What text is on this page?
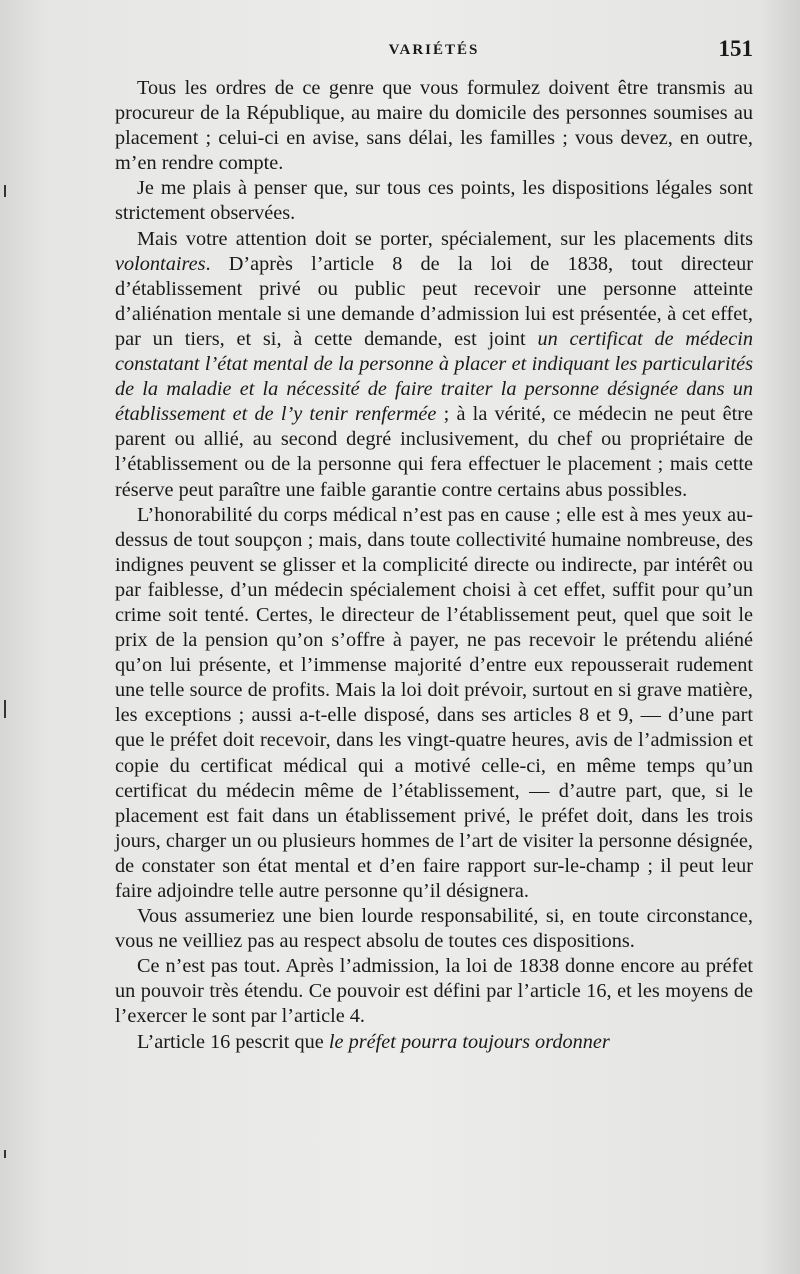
VARIÉTÉS	151

Tous les ordres de ce genre que vous formulez doivent être transmis au procureur de la République, au maire du domicile des personnes soumises au placement ; celui-ci en avise, sans délai, les familles ; vous devez, en outre, m’en rendre compte.

Je me plais à penser que, sur tous ces points, les dispositions légales sont strictement observées.

Mais votre attention doit se porter, spécialement, sur les placements dits volontaires. D’après l’article 8 de la loi de 1838, tout directeur d’établissement privé ou public peut recevoir une personne atteinte d’aliénation mentale si une demande d’admission lui est présentée, à cet effet, par un tiers, et si, à cette demande, est joint un certificat de médecin constatant l’état mental de la personne à placer et indiquant les particularités de la maladie et la nécessité de faire traiter la personne désignée dans un établissement et de l’y tenir renfermée ; à la vérité, ce médecin ne peut être parent ou allié, au second degré inclusivement, du chef ou propriétaire de l’établissement ou de la personne qui fera effectuer le placement ; mais cette réserve peut paraître une faible garantie contre certains abus possibles.

L’honorabilité du corps médical n’est pas en cause ; elle est à mes yeux au-dessus de tout soupçon ; mais, dans toute collectivité humaine nombreuse, des indignes peuvent se glisser et la complicité directe ou indirecte, par intérêt ou par faiblesse, d’un médecin spécialement choisi à cet effet, suffit pour qu’un crime soit tenté. Certes, le directeur de l’établissement peut, quel que soit le prix de la pension qu’on s’offre à payer, ne pas recevoir le prétendu aliéné qu’on lui présente, et l’immense majorité d’entre eux repousserait rudement une telle source de profits. Mais la loi doit prévoir, surtout en si grave matière, les exceptions ; aussi a-t-elle disposé, dans ses articles 8 et 9, — d’une part que le préfet doit recevoir, dans les vingt-quatre heures, avis de l’admission et copie du certificat médical qui a motivé celle-ci, en même temps qu’un certificat du médecin même de l’établissement, — d’autre part, que, si le placement est fait dans un établissement privé, le préfet doit, dans les trois jours, charger un ou plusieurs hommes de l’art de visiter la personne désignée, de constater son état mental et d’en faire rapport sur-le-champ ; il peut leur faire adjoindre telle autre personne qu’il désignera.

Vous assumeriez une bien lourde responsabilité, si, en toute circonstance, vous ne veilliez pas au respect absolu de toutes ces dispositions.

Ce n’est pas tout. Après l’admission, la loi de 1838 donne encore au préfet un pouvoir très étendu. Ce pouvoir est défini par l’article 16, et les moyens de l’exercer le sont par l’article 4.

L’article 16 pescrit que le préfet pourra toujours ordonner
